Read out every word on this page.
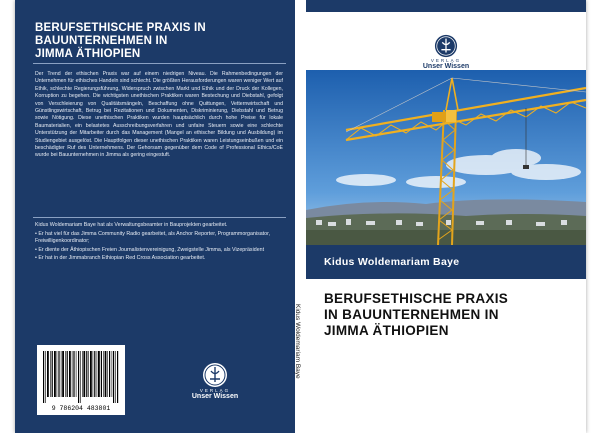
BERUFSETHISCHE PRAXIS IN
BAUUNTERNEHMEN IN
JIMMA ÄTHIOPIEN
Der Trend der ethischen Praxis war auf einem niedrigen Niveau. Die Rahmenbedingungen der Unternehmen für ethisches Handeln sind schlecht. Die größten Herausforderungen waren weniger Wert auf Ethik, schlechte Regierungsführung, Widerspruch zwischen Markt und Ethik und der Druck der Kollegen, Korruption zu begehen. Die wichtigsten unethischen Praktiken waren Bestechung und Diebstahl, gefolgt von Verschleierung von Qualitätsmängeln, Beschaffung ohne Quittungen, Vetternwirtschaft und Günstlingswirtschaft, Betrug bei Rezitationen und Dokumenten, Diskriminierung, Diebstahl und Betrug sowie Nötigung. Diese unethischen Praktiken wurden hauptsächlich durch hohe Preise für lokale Baumaterialien, ein belastetes Ausschreibungsverfahren und unfaire Steuern sowie eine schlechte Unterstützung der Mitarbeiter durch das Management (Mangel an ethischer Bildung und Ausbildung) im Studiengebiet ausgelöst. Die Hauptfolgen dieser unethischen Praktiken waren Leistungseinbußen und ein beschädigter Ruf des Unternehmens. Der Gehorsam gegenüber dem Code of Professional Ethics/CoE wurde bei Bauunternehmen in Jimma als gering eingestuft.

Kidus Woldemariam Baye hat als Verwaltungsbeamter in Bauprojekten gearbeitet.

• Er hat viel für das Jimma Community Radio gearbeitet, als Anchor Reporter, Programmorganisator, Freiwilligenkoordinator;

• Er diente der Äthiopischen Freien Journalistenvereinigung, Zweigstelle Jimma, als Vizepräsident

• Er hat in der Jimmabranch Ethiopian Red Cross Association gearbeitet.

9 786204 483801
VERLAG
Unser Wissen
Kidus Woldemariam Baye
VERLAG
Unser Wissen
Kidus Woldemariam Baye
BERUFSETHISCHE PRAXIS
IN BAUUNTERNEHMEN IN
JIMMA ÄTHIOPIEN
